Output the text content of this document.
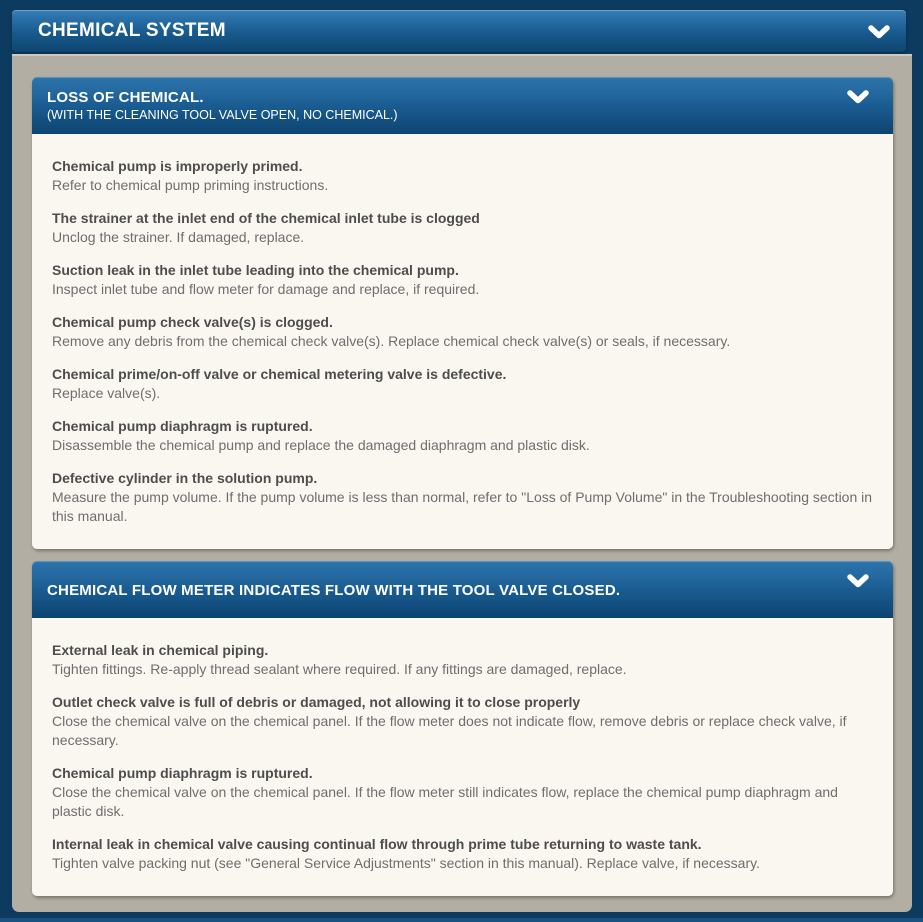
CHEMICAL SYSTEM
LOSS OF CHEMICAL.
(WITH THE CLEANING TOOL VALVE OPEN, NO CHEMICAL.)
Chemical pump is improperly primed.
Refer to chemical pump priming instructions.
The strainer at the inlet end of the chemical inlet tube is clogged
Unclog the strainer. If damaged, replace.
Suction leak in the inlet tube leading into the chemical pump.
Inspect inlet tube and flow meter for damage and replace, if required.
Chemical pump check valve(s) is clogged.
Remove any debris from the chemical check valve(s). Replace chemical check valve(s) or seals, if necessary.
Chemical prime/on-off valve or chemical metering valve is defective.
Replace valve(s).
Chemical pump diaphragm is ruptured.
Disassemble the chemical pump and replace the damaged diaphragm and plastic disk.
Defective cylinder in the solution pump.
Measure the pump volume. If the pump volume is less than normal, refer to "Loss of Pump Volume" in the Troubleshooting section in this manual.
CHEMICAL FLOW METER INDICATES FLOW WITH THE TOOL VALVE CLOSED.
External leak in chemical piping.
Tighten fittings. Re-apply thread sealant where required. If any fittings are damaged, replace.
Outlet check valve is full of debris or damaged, not allowing it to close properly
Close the chemical valve on the chemical panel. If the flow meter does not indicate flow, remove debris or replace check valve, if necessary.
Chemical pump diaphragm is ruptured.
Close the chemical valve on the chemical panel. If the flow meter still indicates flow, replace the chemical pump diaphragm and plastic disk.
Internal leak in chemical valve causing continual flow through prime tube returning to waste tank.
Tighten valve packing nut (see "General Service Adjustments" section in this manual). Replace valve, if necessary.
